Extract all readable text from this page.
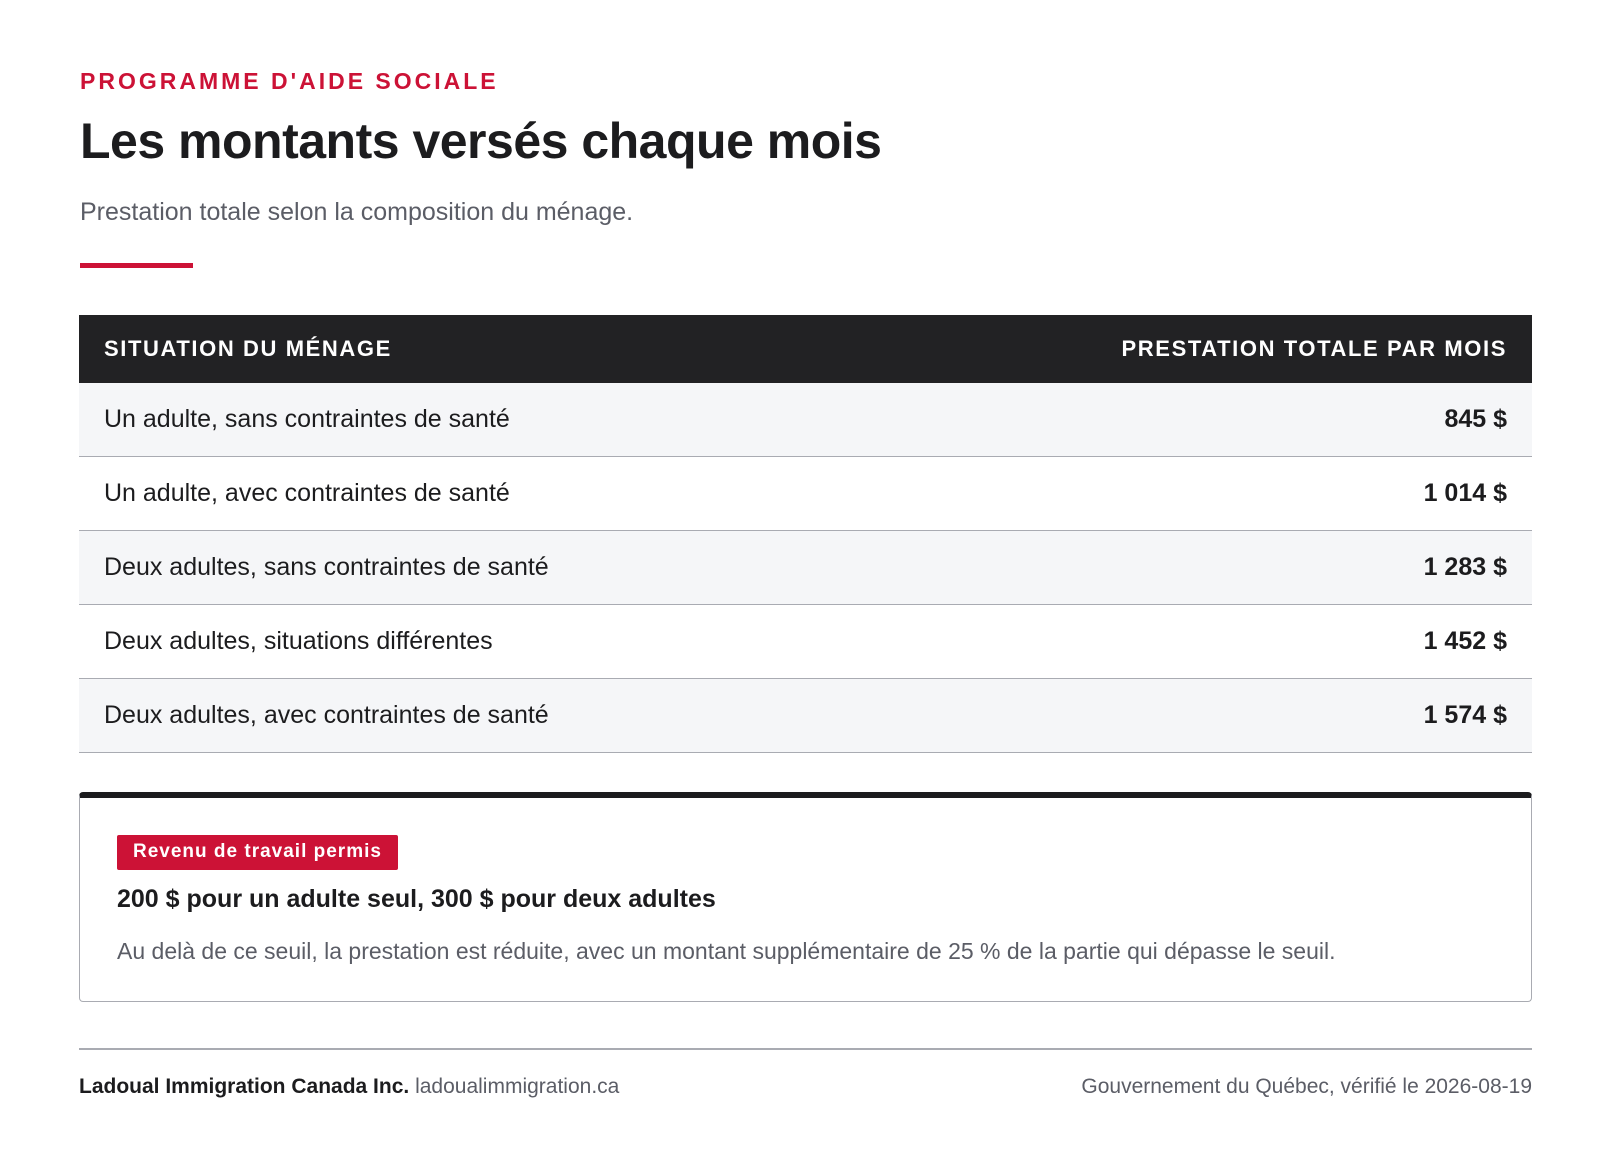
PROGRAMME D'AIDE SOCIALE
Les montants versés chaque mois
Prestation totale selon la composition du ménage.
SITUATION DU MÉNAGE	PRESTATION TOTALE PAR MOIS
Un adulte, sans contraintes de santé	845 $
Un adulte, avec contraintes de santé	1 014 $
Deux adultes, sans contraintes de santé	1 283 $
Deux adultes, situations différentes	1 452 $
Deux adultes, avec contraintes de santé	1 574 $
Revenu de travail permis
200 $ pour un adulte seul, 300 $ pour deux adultes
Au delà de ce seuil, la prestation est réduite, avec un montant supplémentaire de 25 % de la partie qui dépasse le seuil.
Ladoual Immigration Canada Inc. ladoualimmigration.ca	Gouvernement du Québec, vérifié le 2026-08-19
